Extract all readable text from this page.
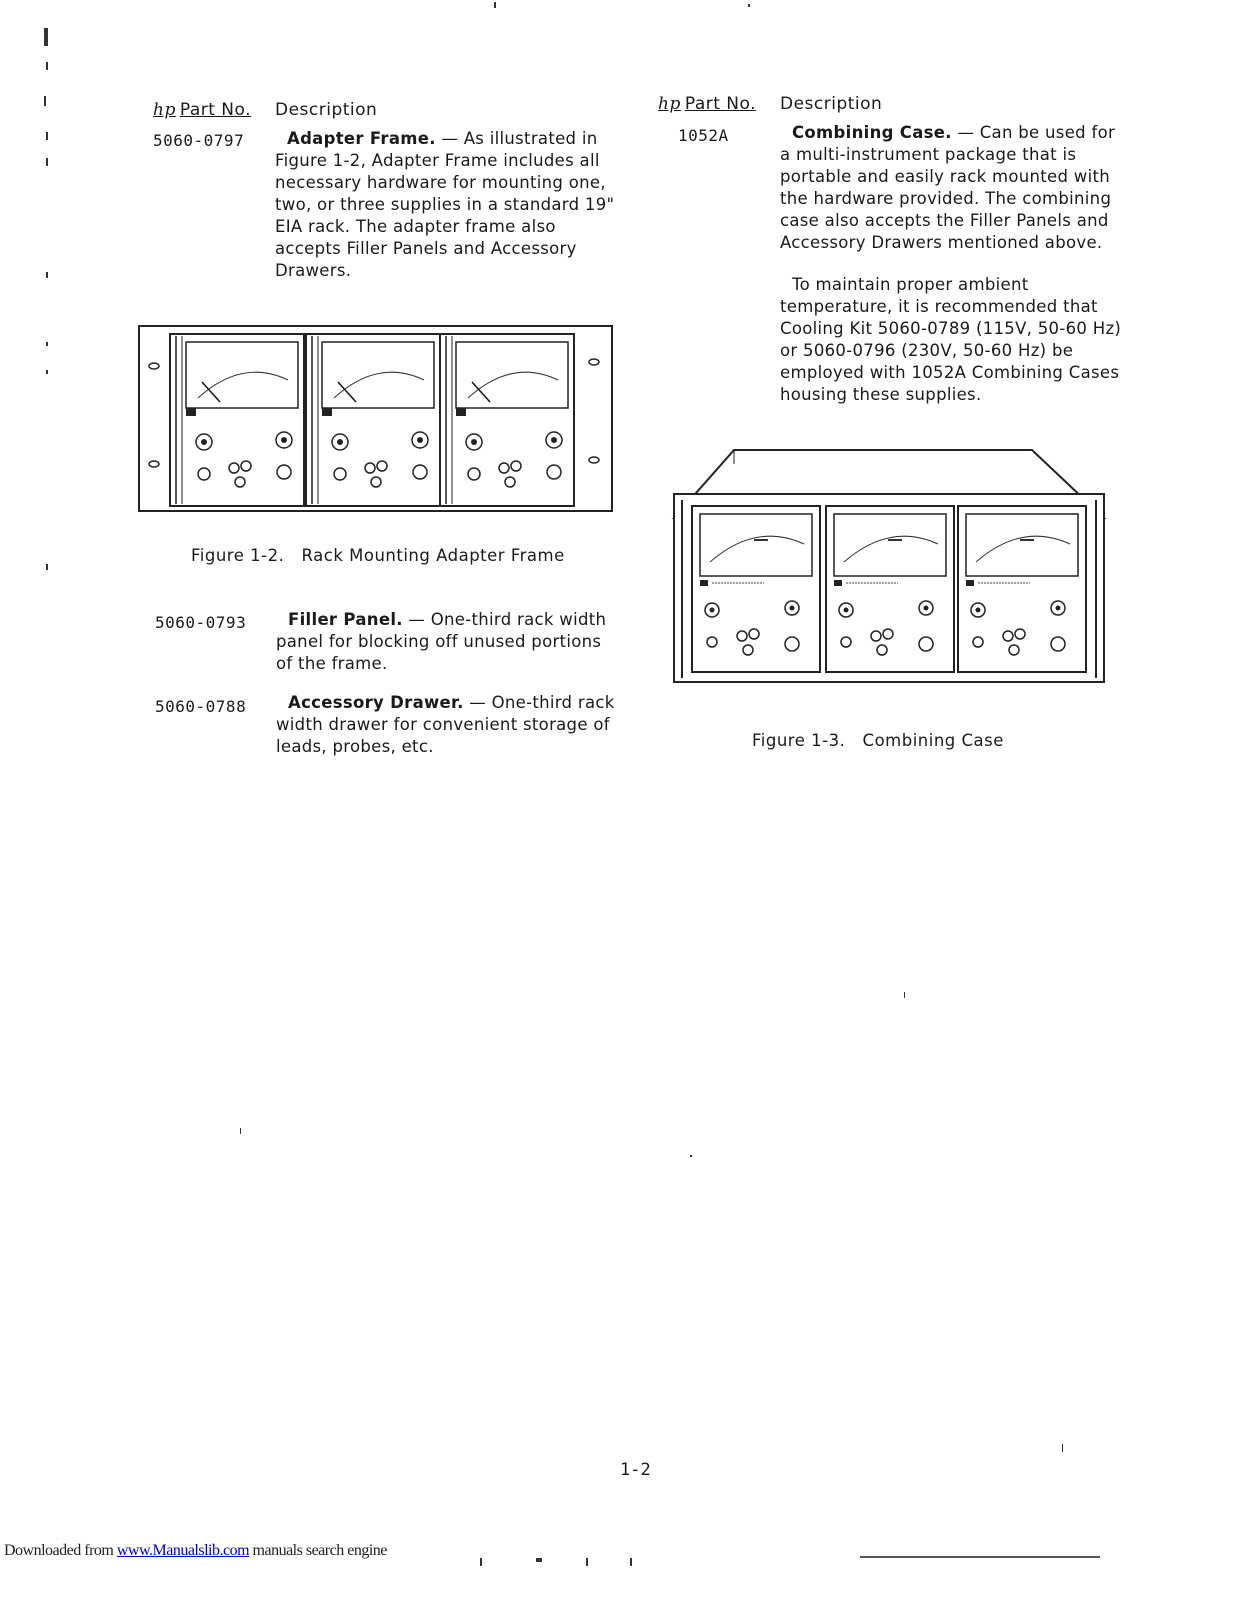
hp Part No. Description
5060-0797	Adapter Frame. — As illustrated in Figure 1-2, Adapter Frame includes all necessary hardware for mounting one, two, or three supplies in a standard 19" EIA rack. The adapter frame also accepts Filler Panels and Accessory Drawers.
Figure 1-2.   Rack Mounting Adapter Frame
5060-0793	Filler Panel. — One-third rack width panel for blocking off unused portions of the frame.
5060-0788	Accessory Drawer. — One-third rack width drawer for convenient storage of leads, probes, etc.
hp Part No. Description
1052A	Combining Case. — Can be used for a multi-instrument package that is portable and easily rack mounted with the hardware provided. The combining case also accepts the Filler Panels and Accessory Drawers mentioned above.
To maintain proper ambient temperature, it is recommended that Cooling Kit 5060-0789 (115V, 50-60 Hz) or 5060-0796 (230V, 50-60 Hz) be employed with 1052A Combining Cases housing these supplies.
Figure 1-3.   Combining Case
1-2
Downloaded from www.Manualslib.com manuals search engine
